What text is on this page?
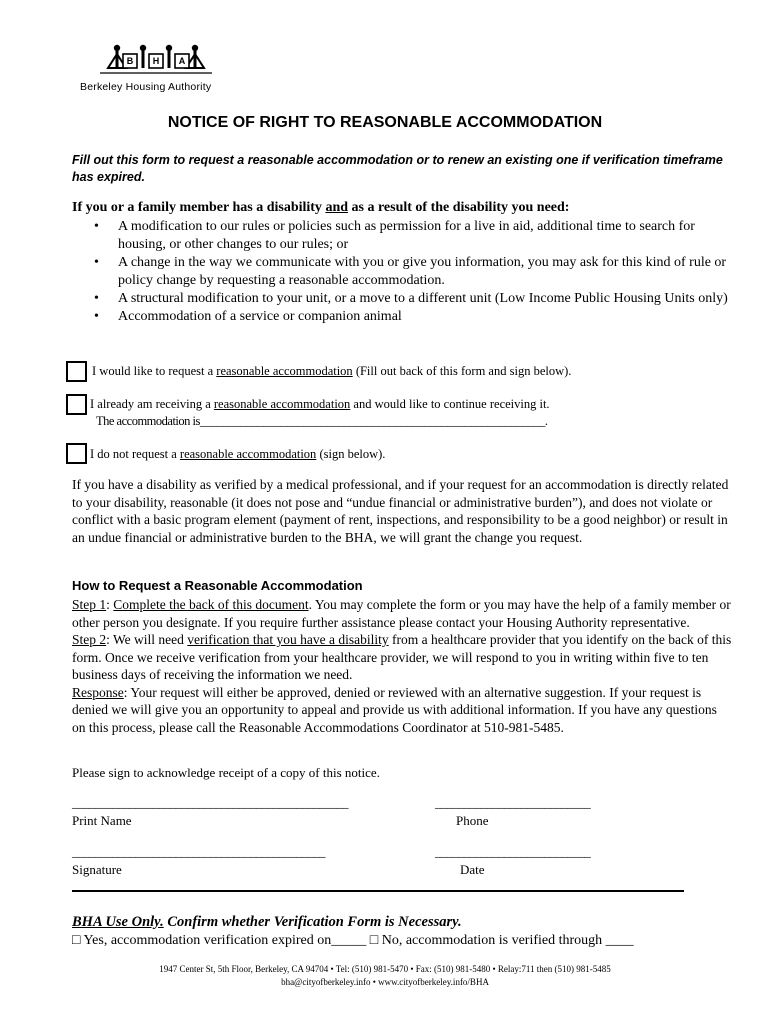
B H A
Berkeley Housing Authority
NOTICE OF RIGHT TO REASONABLE ACCOMMODATION
Fill out this form to request a reasonable accommodation or to renew an existing one if verification timeframe has expired.
If you or a family member has a disability and as a result of the disability you need:
• A modification to our rules or policies such as permission for a live in aid, additional time to search for housing, or other changes to our rules; or
• A change in the way we communicate with you or give you information, you may ask for this kind of rule or policy change by requesting a reasonable accommodation.
• A structural modification to your unit, or a move to a different unit (Low Income Public Housing Units only)
• Accommodation of a service or companion animal
I would like to request a reasonable accommodation (Fill out back of this form and sign below).
I already am receiving a reasonable accommodation and would like to continue receiving it.
The accommodation is____________________________________________________________.
I do not request a reasonable accommodation (sign below).
If you have a disability as verified by a medical professional, and if your request for an accommodation is directly related to your disability, reasonable (it does not pose and “undue financial or administrative burden”), and does not violate or conflict with a basic program element (payment of rent, inspections, and responsibility to be a good neighbor) or result in an undue financial or administrative burden to the BHA, we will grant the change you request.
How to Request a Reasonable Accommodation
Step 1: Complete the back of this document. You may complete the form or you may have the help of a family member or other person you designate. If you require further assistance please contact your Housing Authority representative.
Step 2: We will need verification that you have a disability from a healthcare provider that you identify on the back of this form. Once we receive verification from your healthcare provider, we will respond to you in writing within five to ten business days of receiving the information we need.
Response: Your request will either be approved, denied or reviewed with an alternative suggestion. If your request is denied we will give you an opportunity to appeal and provide us with additional information. If you have any questions on this process, please call the Reasonable Accommodations Coordinator at 510-981-5485.
Please sign to acknowledge receipt of a copy of this notice.
________________________________________________	___________________________
Print Name	Phone
____________________________________________	___________________________
Signature	Date
BHA Use Only. Confirm whether Verification Form is Necessary.
□ Yes, accommodation verification expired on_____ □ No, accommodation is verified through ____
1947 Center St, 5th Floor, Berkeley, CA 94704 • Tel: (510) 981-5470 • Fax: (510) 981-5480 • Relay:711 then (510) 981-5485
bha@cityofberkeley.info • www.cityofberkeley.info/BHA
